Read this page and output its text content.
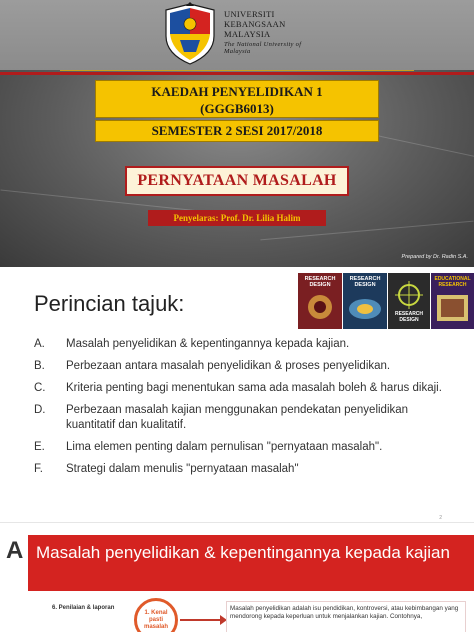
UNIVERSITI
KEBANGSAAN
MALAYSIA
The National University of Malaysia
KAEDAH PENYELIDIKAN 1
(GGGB6013)
SEMESTER 2 SESI 2017/2018
PERNYATAAN MASALAH
Penyelaras: Prof. Dr. Lilia Halim
Prepared by Dr. Radin S.A.
Perincian tajuk:
RESEARCH DESIGN
RESEARCH DESIGN
RESEARCH DESIGN
EDUCATIONAL RESEARCH
A. Masalah penyelidikan & kepentingannya kepada kajian.
B. Perbezaan antara masalah penyelidikan & proses penyelidikan.
C. Kriteria penting bagi menentukan sama ada masalah boleh & harus dikaji.
D. Perbezaan masalah kajian menggunakan pendekatan penyelidikan kuantitatif dan kualitatif.
E. Lima elemen penting dalam pernulisan "pernyataan masalah".
F. Strategi dalam menulis "pernyataan masalah"
2
A Masalah penyelidikan & kepentingannya kepada kajian
6. Penilaian & laporan
1. Kenal pasti masalah
Masalah penyelidikan adalah isu pendidikan, kontroversi, atau kebimbangan yang mendorong kepada keperluan untuk menjalankan kajian. Contohnya,
